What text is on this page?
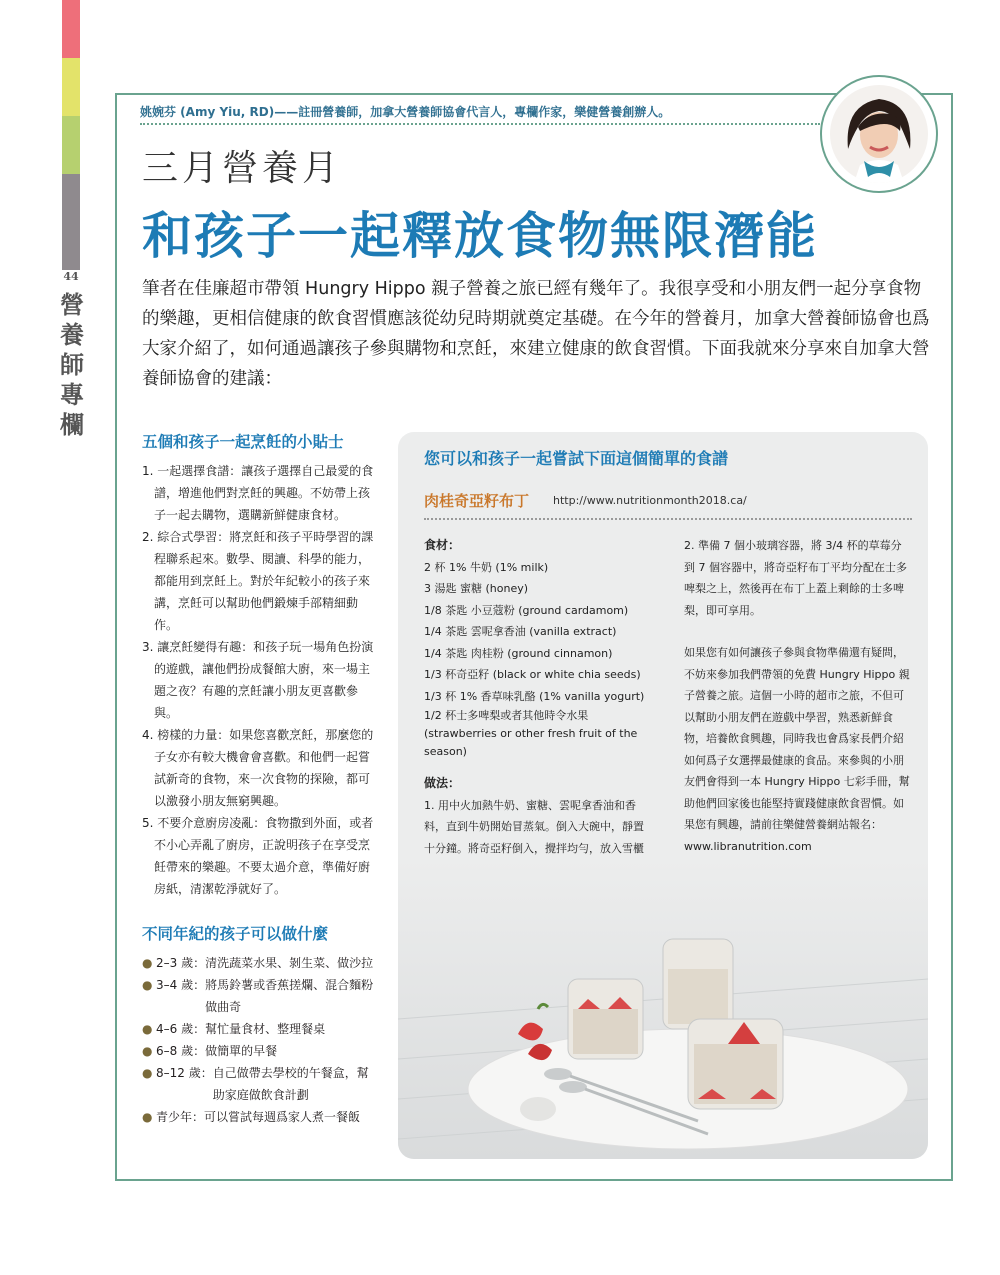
44
營
養
師
專
欄
姚婉芬 (Amy Yiu, RD)——註冊營養師，加拿大營養師協會代言人，專欄作家，樂健營養創辦人。
三月營養月
和孩子一起釋放食物無限潛能
筆者在佳廉超市帶領 Hungry Hippo 親子營養之旅已經有幾年了。我很享受和小朋友們一起分享食物的樂趣，更相信健康的飲食習慣應該從幼兒時期就奠定基礎。在今年的營養月，加拿大營養師協會也爲大家介紹了，如何通過讓孩子參與購物和烹飪，來建立健康的飲食習慣。下面我就來分享來自加拿大營養師協會的建議：
五個和孩子一起烹飪的小貼士

1. 一起選擇食譜：讓孩子選擇自己最愛的食譜，增進他們對烹飪的興趣。不妨帶上孩子一起去購物，選購新鮮健康食材。

2. 綜合式學習：將烹飪和孩子平時學習的課程聯系起來。數學、閱讀、科學的能力，都能用到烹飪上。對於年紀較小的孩子來講，烹飪可以幫助他們鍛煉手部精細動作。

3. 讓烹飪變得有趣：和孩子玩一場角色扮演的遊戲，讓他們扮成餐館大廚，來一場主題之夜？有趣的烹飪讓小朋友更喜歡參與。

4. 榜樣的力量：如果您喜歡烹飪，那麼您的子女亦有較大機會會喜歡。和他們一起嘗試新奇的食物，來一次食物的探險，都可以激發小朋友無窮興趣。

5. 不要介意廚房凌亂：食物撒到外面，或者不小心弄亂了廚房，正說明孩子在享受烹飪帶來的樂趣。不要太過介意，準備好廚房紙，清潔乾淨就好了。

不同年紀的孩子可以做什麼
● 2–3 歲： 清洗蔬菜水果、剝生菜、做沙拉
● 3–4 歲： 將馬鈴薯或香蕉搓爛、混合麵粉做曲奇
● 4–6 歲： 幫忙量食材、整理餐桌
● 6–8 歲： 做簡單的早餐
● 8–12 歲： 自己做帶去學校的午餐盒，幫助家庭做飲食計劃
● 青少年： 可以嘗試每週爲家人煮一餐飯
您可以和孩子一起嘗試下面這個簡單的食譜
肉桂奇亞籽布丁 http://www.nutritionmonth2018.ca/

食材：

2 杯 1% 牛奶 (1% milk)

3 湯匙 蜜糖 (honey)

1/8 茶匙 小豆蔻粉 (ground cardamom)

1/4 茶匙 雲呢拿香油 (vanilla extract)

1/4 茶匙 肉桂粉 (ground cinnamon)

1/3 杯奇亞籽 (black or white chia seeds)

1/3 杯 1% 香草味乳酪 (1% vanilla yogurt)

1/2 杯士多啤梨或者其他時令水果 (strawberries or other fresh fruit of the season)

做法：

1. 用中火加熱牛奶、蜜糖、雲呢拿香油和香料，直到牛奶開始冒蒸氣。倒入大碗中，靜置十分鐘。將奇亞籽倒入，攪拌均勻，放入雪櫃

2. 準備 7 個小玻璃容器，將 3/4 杯的草莓分到 7 個容器中，將奇亞籽布丁平均分配在士多啤梨之上，然後再在布丁上蓋上剩餘的士多啤梨，即可享用。

如果您有如何讓孩子參與食物準備還有疑問，不妨來參加我們帶領的免費 Hungry Hippo 親子營養之旅。這個一小時的超市之旅，不但可以幫助小朋友們在遊戲中學習，熟悉新鮮食物，培養飲食興趣，同時我也會爲家長們介紹如何爲子女選擇最健康的食品。來參與的小朋友們會得到一本 Hungry Hippo 七彩手冊，幫助他們回家後也能堅持實踐健康飲食習慣。如果您有興趣，請前往樂健營養網站報名：www.libranutrition.com
